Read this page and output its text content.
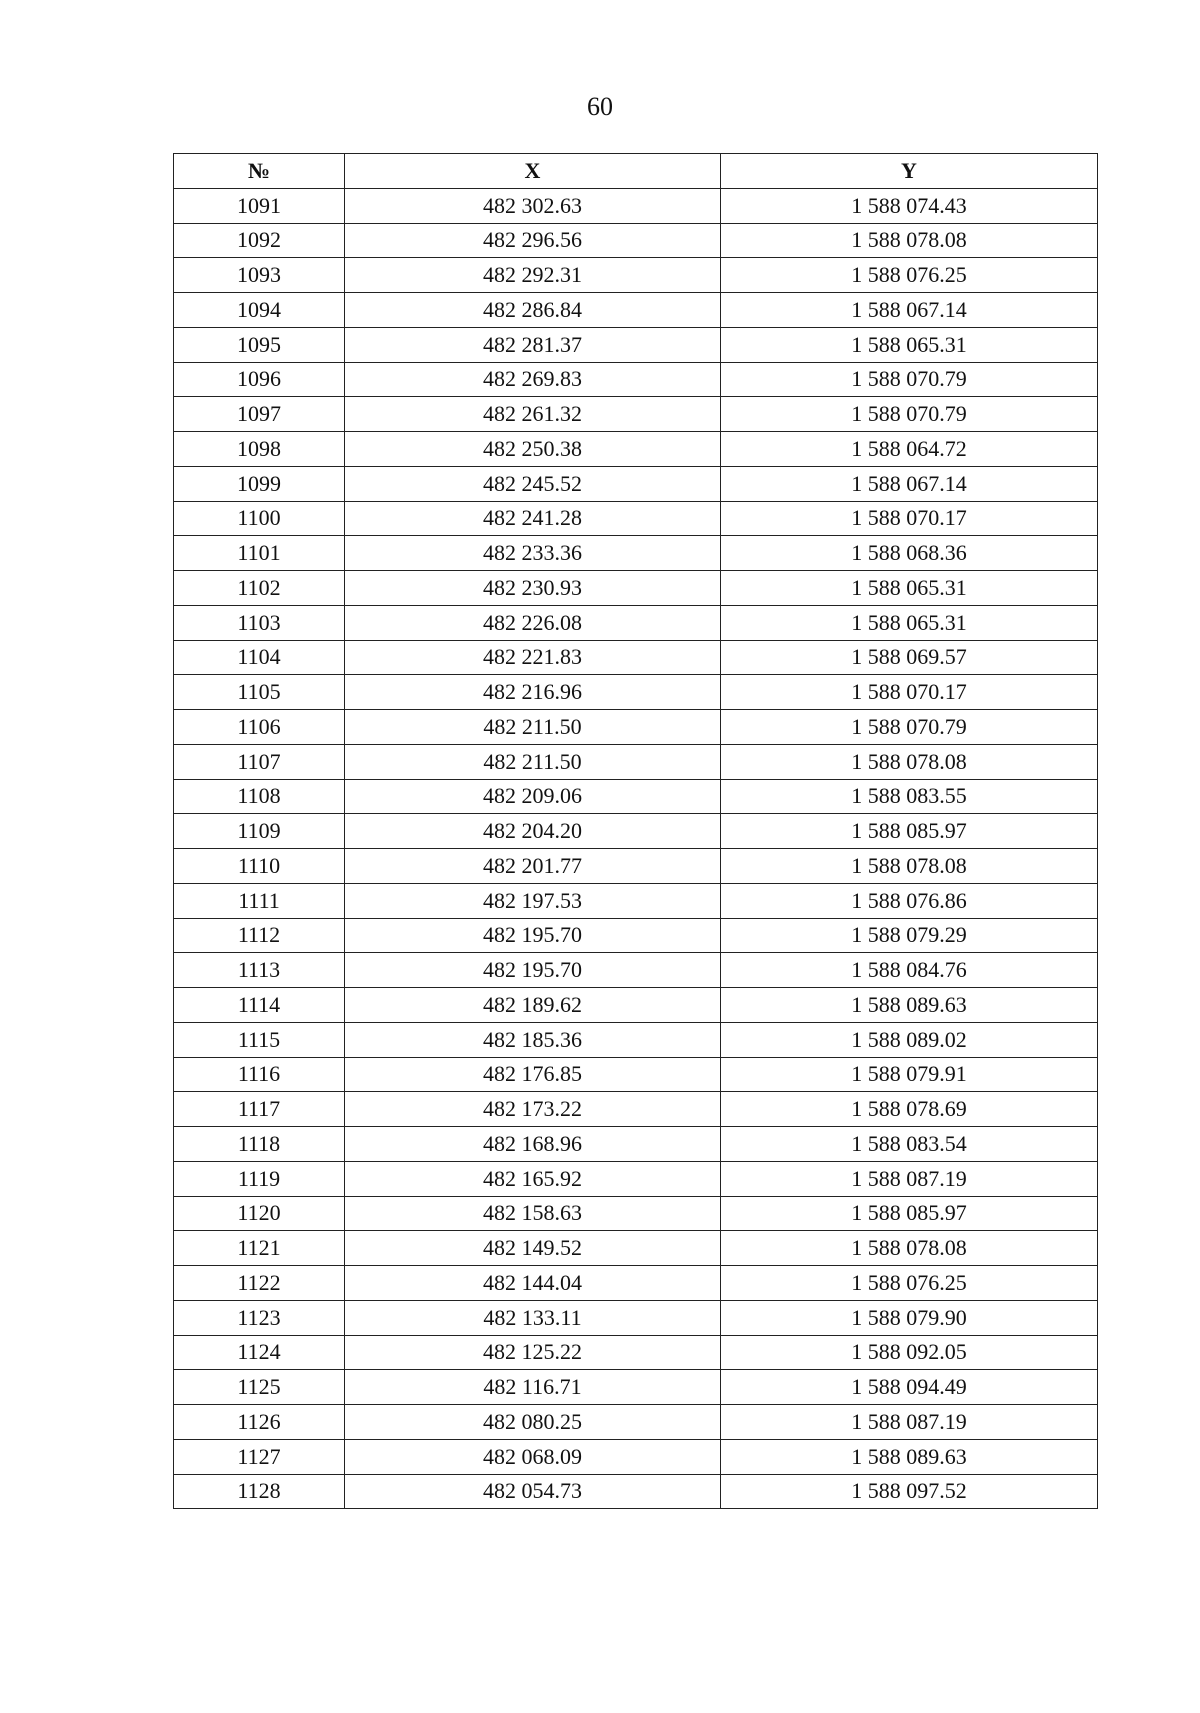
60
№	X	Y
1091	482 302.63	1 588 074.43
1092	482 296.56	1 588 078.08
1093	482 292.31	1 588 076.25
1094	482 286.84	1 588 067.14
1095	482 281.37	1 588 065.31
1096	482 269.83	1 588 070.79
1097	482 261.32	1 588 070.79
1098	482 250.38	1 588 064.72
1099	482 245.52	1 588 067.14
1100	482 241.28	1 588 070.17
1101	482 233.36	1 588 068.36
1102	482 230.93	1 588 065.31
1103	482 226.08	1 588 065.31
1104	482 221.83	1 588 069.57
1105	482 216.96	1 588 070.17
1106	482 211.50	1 588 070.79
1107	482 211.50	1 588 078.08
1108	482 209.06	1 588 083.55
1109	482 204.20	1 588 085.97
1110	482 201.77	1 588 078.08
1111	482 197.53	1 588 076.86
1112	482 195.70	1 588 079.29
1113	482 195.70	1 588 084.76
1114	482 189.62	1 588 089.63
1115	482 185.36	1 588 089.02
1116	482 176.85	1 588 079.91
1117	482 173.22	1 588 078.69
1118	482 168.96	1 588 083.54
1119	482 165.92	1 588 087.19
1120	482 158.63	1 588 085.97
1121	482 149.52	1 588 078.08
1122	482 144.04	1 588 076.25
1123	482 133.11	1 588 079.90
1124	482 125.22	1 588 092.05
1125	482 116.71	1 588 094.49
1126	482 080.25	1 588 087.19
1127	482 068.09	1 588 089.63
1128	482 054.73	1 588 097.52
